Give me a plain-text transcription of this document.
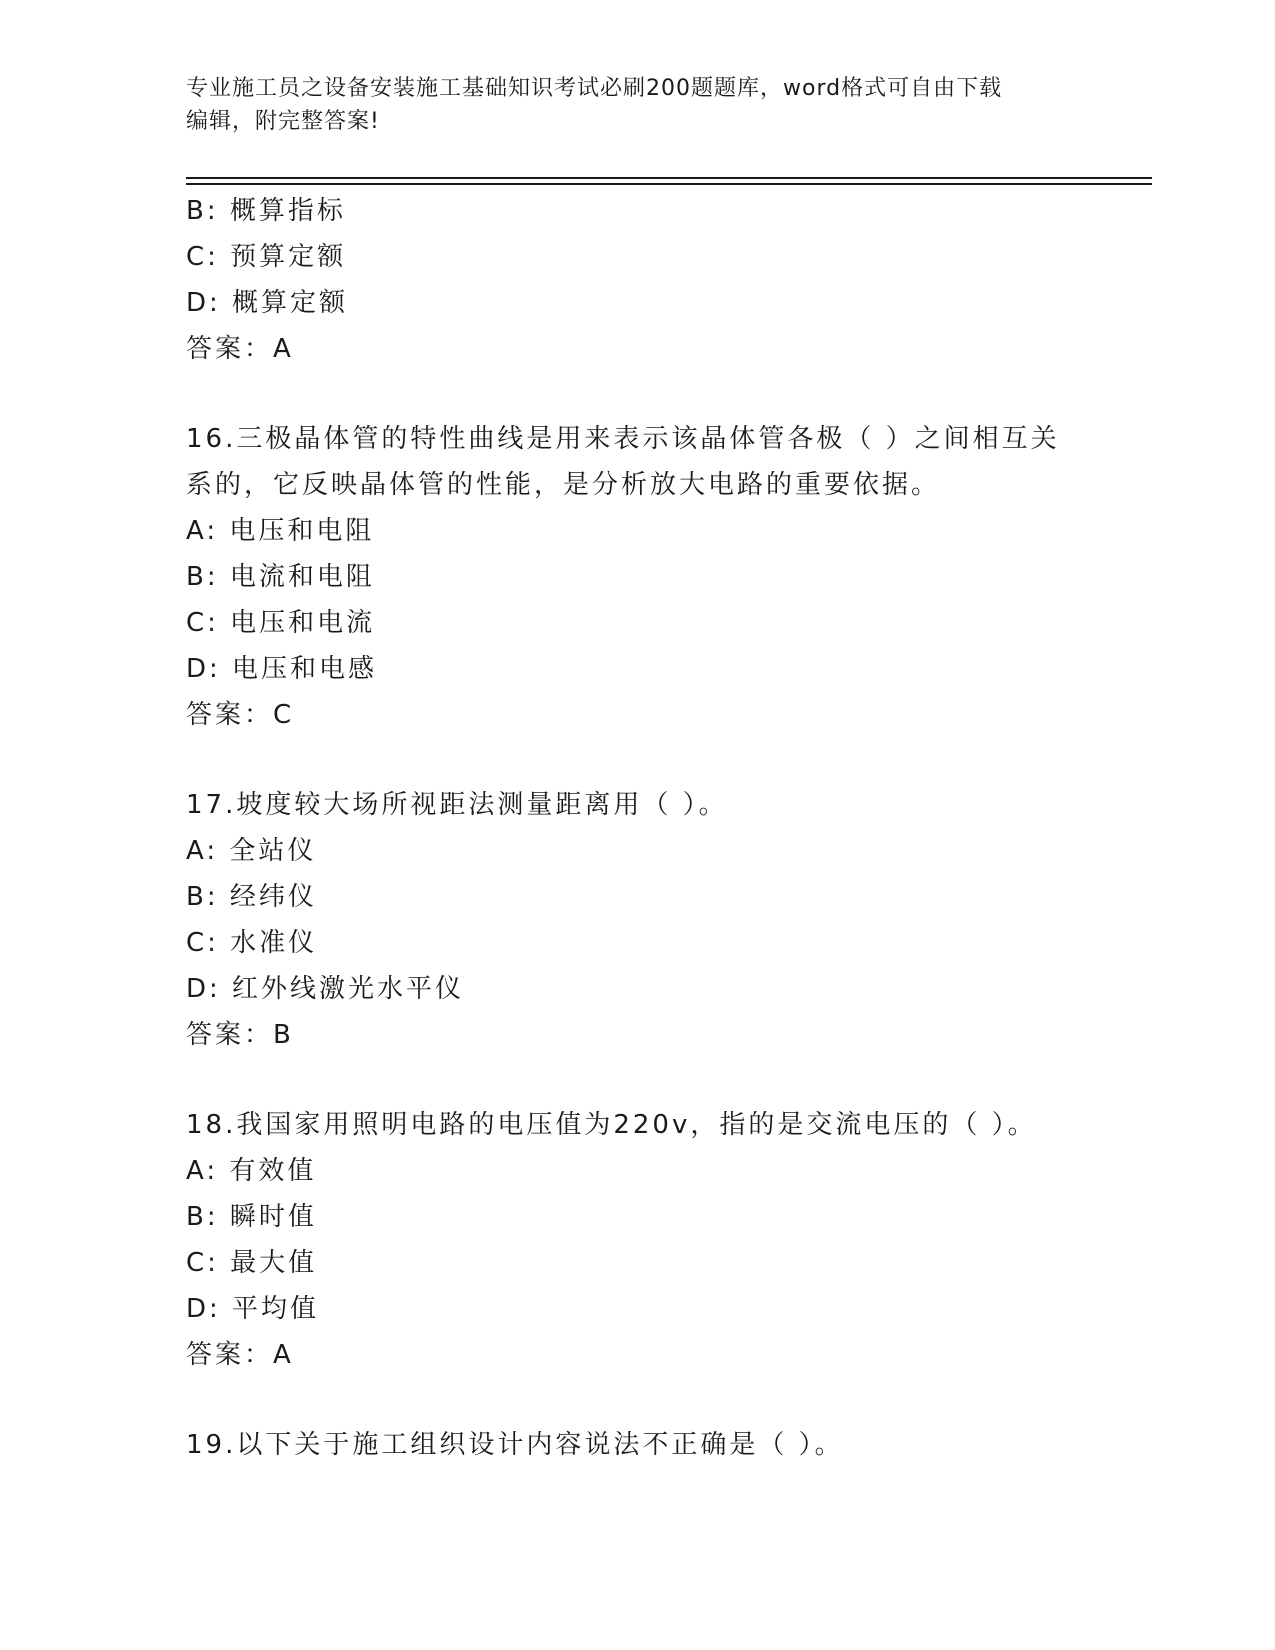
专业施工员之设备安装施工基础知识考试必刷200题题库，word格式可自由下载
编辑，附完整答案!
B: 概算指标
C: 预算定额
D: 概算定额
答案：A
16.三极晶体管的特性曲线是用来表示该晶体管各极（ ）之间相互关
系的，它反映晶体管的性能，是分析放大电路的重要依据。
A: 电压和电阻
B: 电流和电阻
C: 电压和电流
D: 电压和电感
答案：C
17.坡度较大场所视距法测量距离用（ ）。
A: 全站仪
B: 经纬仪
C: 水准仪
D: 红外线激光水平仪
答案：B
18.我国家用照明电路的电压值为220v，指的是交流电压的（ ）。
A: 有效值
B: 瞬时值
C: 最大值
D: 平均值
答案：A
19.以下关于施工组织设计内容说法不正确是（ ）。
